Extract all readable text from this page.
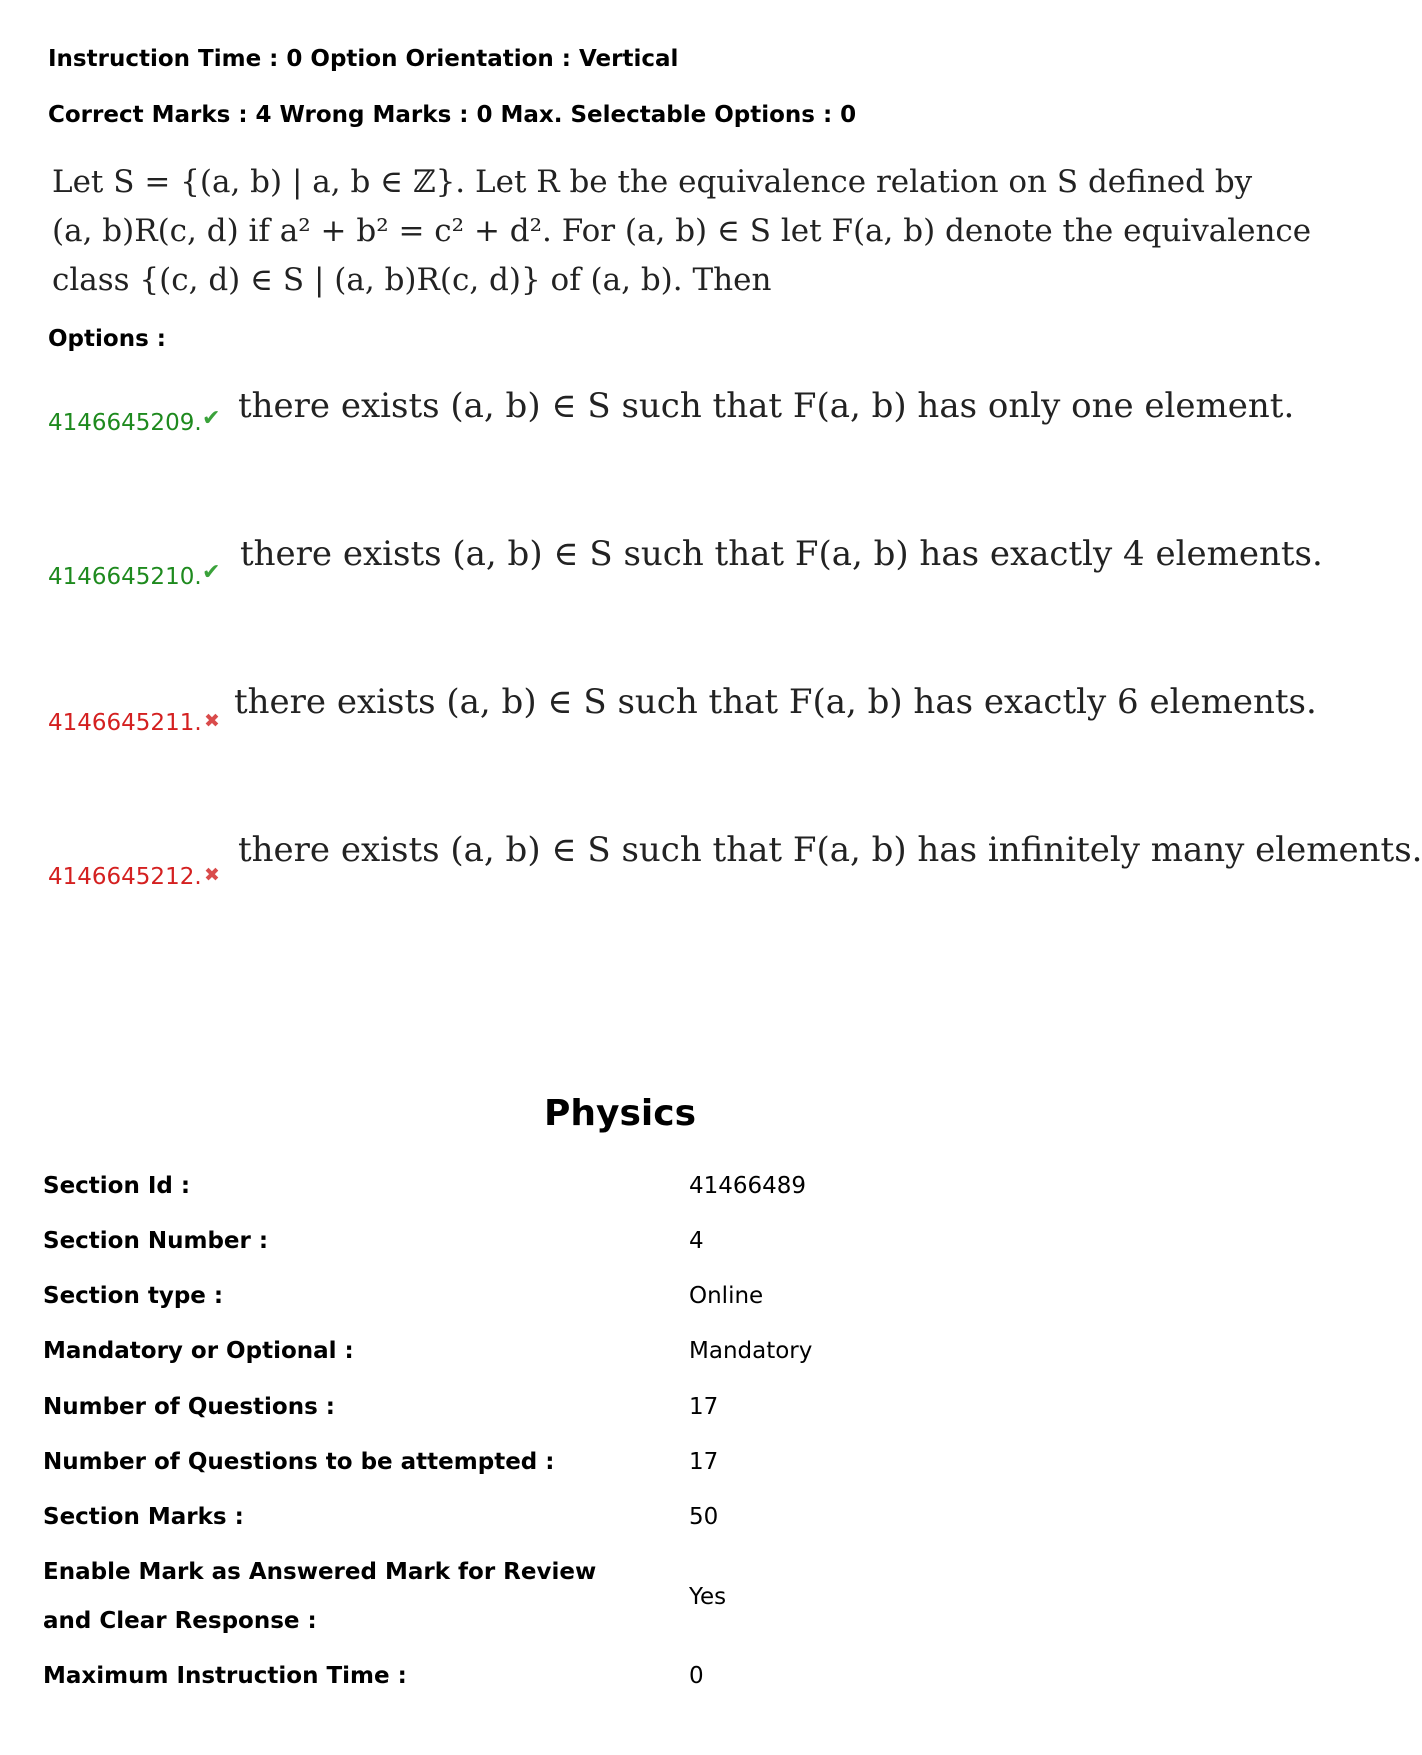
Instruction Time : 0 Option Orientation : Vertical
Correct Marks : 4 Wrong Marks : 0 Max. Selectable Options : 0
Let S = {(a, b) | a, b ∈ ℤ}. Let R be the equivalence relation on S defined by
(a, b)R(c, d) if a² + b² = c² + d². For (a, b) ∈ S let F(a, b) denote the equivalence
class {(c, d) ∈ S | (a, b)R(c, d)} of (a, b). Then
Options :
4146645209. ✔ there exists (a, b) ∈ S such that F(a, b) has only one element.
4146645210. ✔ there exists (a, b) ∈ S such that F(a, b) has exactly 4 elements.
4146645211. ✖ there exists (a, b) ∈ S such that F(a, b) has exactly 6 elements.
4146645212. ✖
there exists (a, b) ∈ S such that F(a, b) has infinitely many elements.
Physics
Section Id :	41466489
Section Number :	4
Section type :	Online
Mandatory or Optional :	Mandatory
Number of Questions :	17
Number of Questions to be attempted :	17
Section Marks :	50
Enable Mark as Answered Mark for Review and Clear Response :
Yes
Maximum Instruction Time :	0
